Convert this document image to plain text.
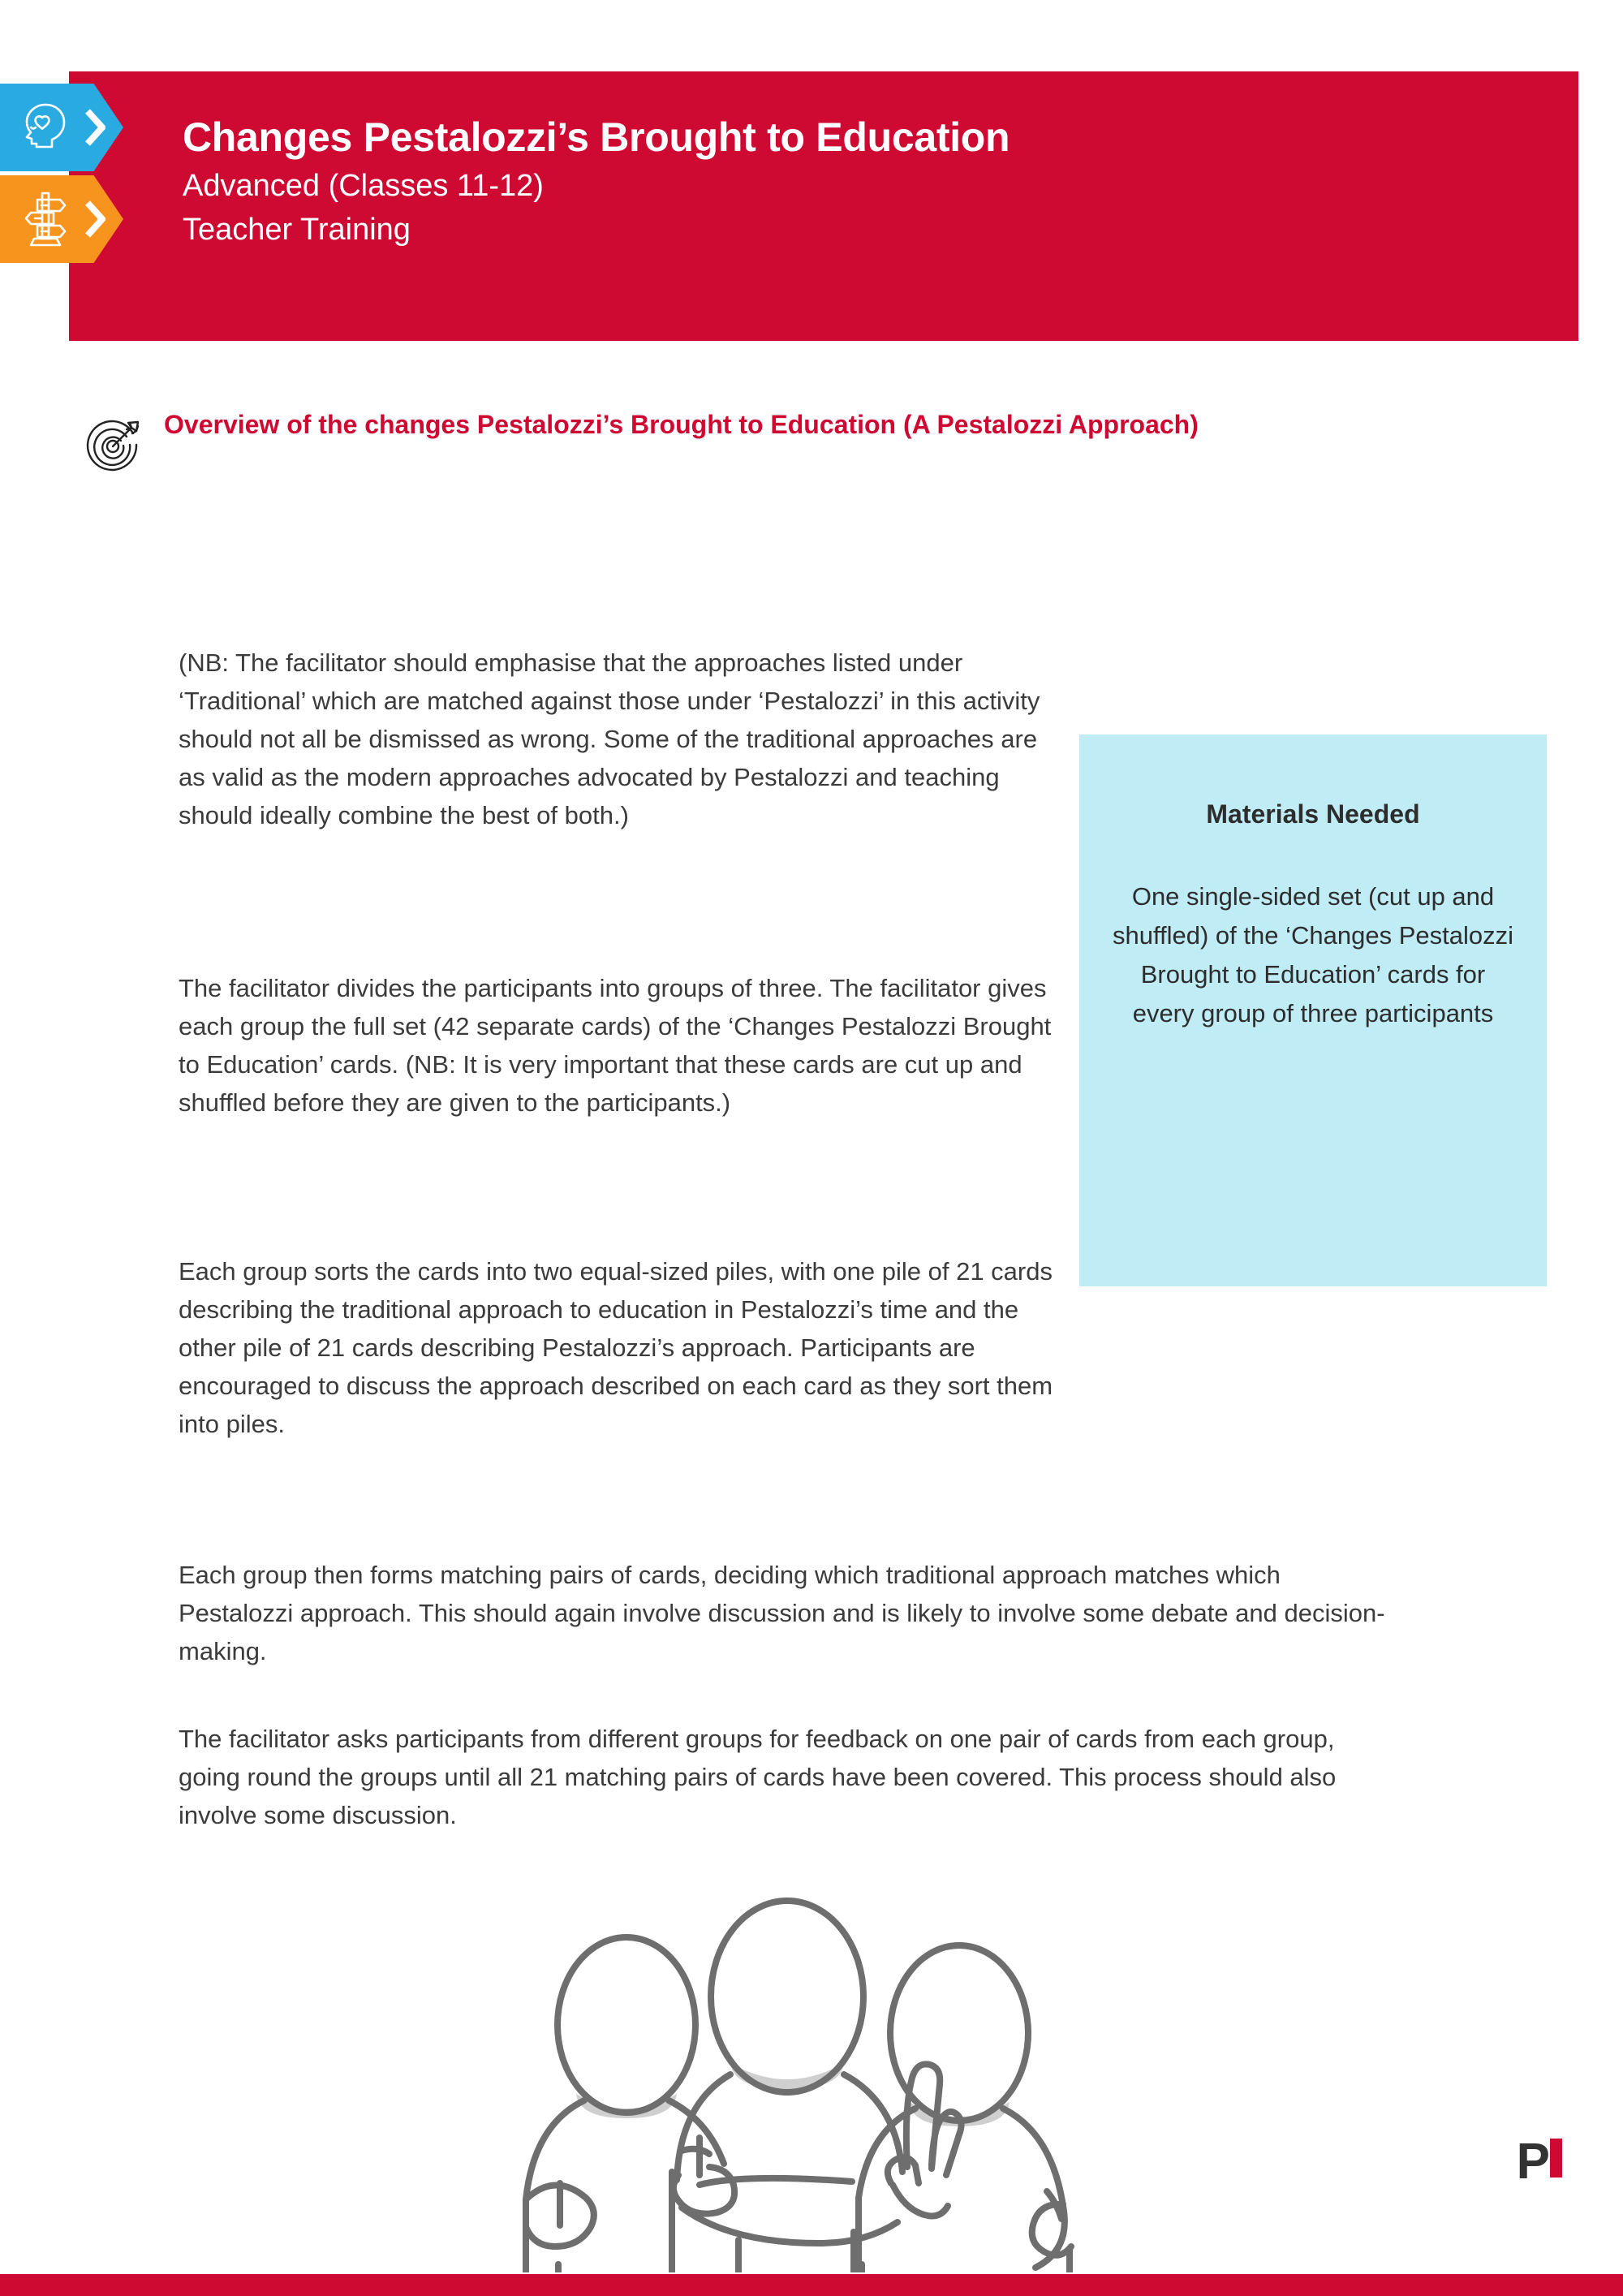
Changes Pestalozzi’s Brought to Education
Advanced (Classes 11-12)
Teacher Training
Overview of the changes Pestalozzi’s Brought to Education (A Pestalozzi Approach)

(NB: The facilitator should emphasise that the approaches listed under ‘Traditional’ which are matched against those under ‘Pestalozzi’ in this activity should not all be dismissed as wrong. Some of the traditional approaches are as valid as the modern approaches advocated by Pestalozzi and teaching should ideally combine the best of both.)

The facilitator divides the participants into groups of three. The facilitator gives each group the full set (42 separate cards) of the ‘Changes Pestalozzi Brought to Education’ cards. (NB: It is very important that these cards are cut up and shuffled before they are given to the participants.)

Each group sorts the cards into two equal-sized piles, with one pile of 21 cards describing the traditional approach to education in Pestalozzi’s time and the other pile of 21 cards describing Pestalozzi’s approach. Participants are encouraged to discuss the approach described on each card as they sort them into piles.

Each group then forms matching pairs of cards, deciding which traditional approach matches which Pestalozzi approach. This should again involve discussion and is likely to involve some debate and decision-making.

The facilitator asks participants from different groups for feedback on one pair of cards from each group, going round the groups until all 21 matching pairs of cards have been covered. This process should also involve some discussion.

Materials Needed

One single-sided set (cut up and shuffled) of the ‘Changes Pestalozzi Brought to Education’ cards for every group of three participants

P
